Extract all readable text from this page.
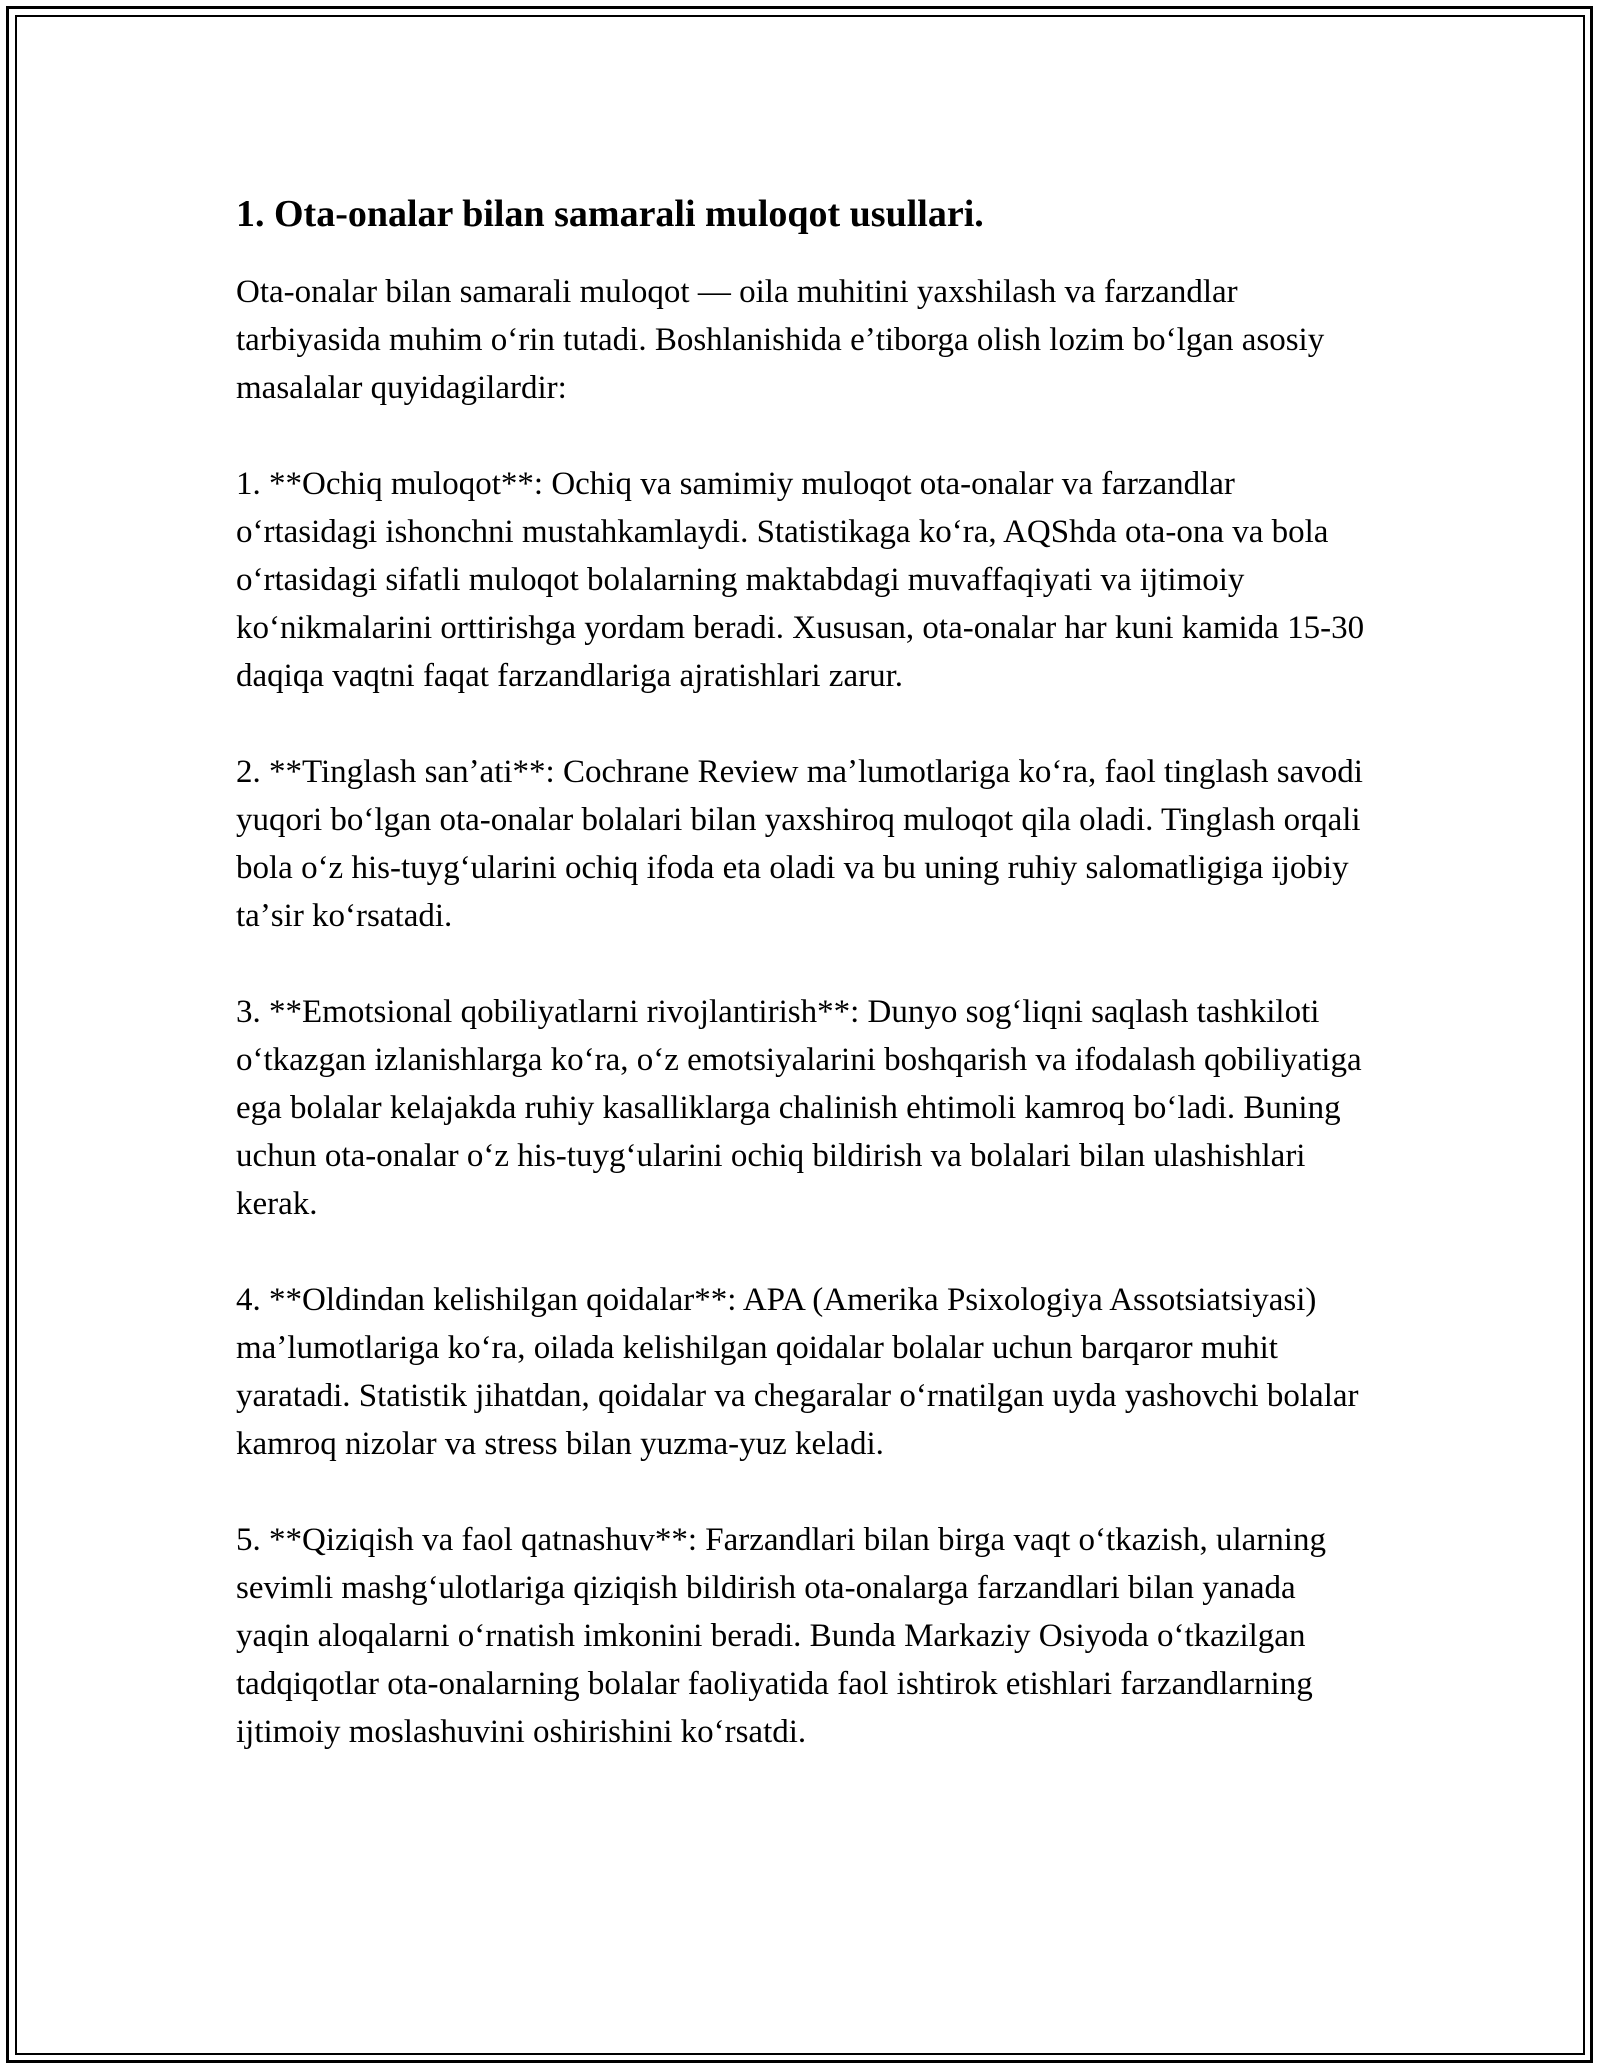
1. Ota-onalar bilan samarali muloqot usullari.

Ota-onalar bilan samarali muloqot — oila muhitini yaxshilash va farzandlar tarbiyasida muhim oʻrin tutadi. Boshlanishida eʼtiborga olish lozim boʻlgan asosiy masalalar quyidagilardir:

1. **Ochiq muloqot**: Ochiq va samimiy muloqot ota-onalar va farzandlar oʻrtasidagi ishonchni mustahkamlaydi. Statistikaga koʻra, AQShda ota-ona va bola oʻrtasidagi sifatli muloqot bolalarning maktabdagi muvaffaqiyati va ijtimoiy koʻnikmalarini orttirishga yordam beradi. Xususan, ota-onalar har kuni kamida 15-30 daqiqa vaqtni faqat farzandlariga ajratishlari zarur.

2. **Tinglash sanʼati**: Cochrane Review maʼlumotlariga koʻra, faol tinglash savodi yuqori boʻlgan ota-onalar bolalari bilan yaxshiroq muloqot qila oladi. Tinglash orqali bola oʻz his-tuygʻularini ochiq ifoda eta oladi va bu uning ruhiy salomatligiga ijobiy taʼsir koʻrsatadi.

3. **Emotsional qobiliyatlarni rivojlantirish**: Dunyo sogʻliqni saqlash tashkiloti oʻtkazgan izlanishlarga koʻra, oʻz emotsiyalarini boshqarish va ifodalash qobiliyatiga ega bolalar kelajakda ruhiy kasalliklarga chalinish ehtimoli kamroq boʻladi. Buning uchun ota-onalar oʻz his-tuygʻularini ochiq bildirish va bolalari bilan ulashishlari kerak.

4. **Oldindan kelishilgan qoidalar**: APA (Amerika Psixologiya Assotsiatsiyasi) maʼlumotlariga koʻra, oilada kelishilgan qoidalar bolalar uchun barqaror muhit yaratadi. Statistik jihatdan, qoidalar va chegaralar oʻrnatilgan uyda yashovchi bolalar kamroq nizolar va stress bilan yuzma-yuz keladi.

5. **Qiziqish va faol qatnashuv**: Farzandlari bilan birga vaqt oʻtkazish, ularning sevimli mashgʻulotlariga qiziqish bildirish ota-onalarga farzandlari bilan yanada yaqin aloqalarni oʻrnatish imkonini beradi. Bunda Markaziy Osiyoda oʻtkazilgan tadqiqotlar ota-onalarning bolalar faoliyatida faol ishtirok etishlari farzandlarning ijtimoiy moslashuvini oshirishini koʻrsatdi.
